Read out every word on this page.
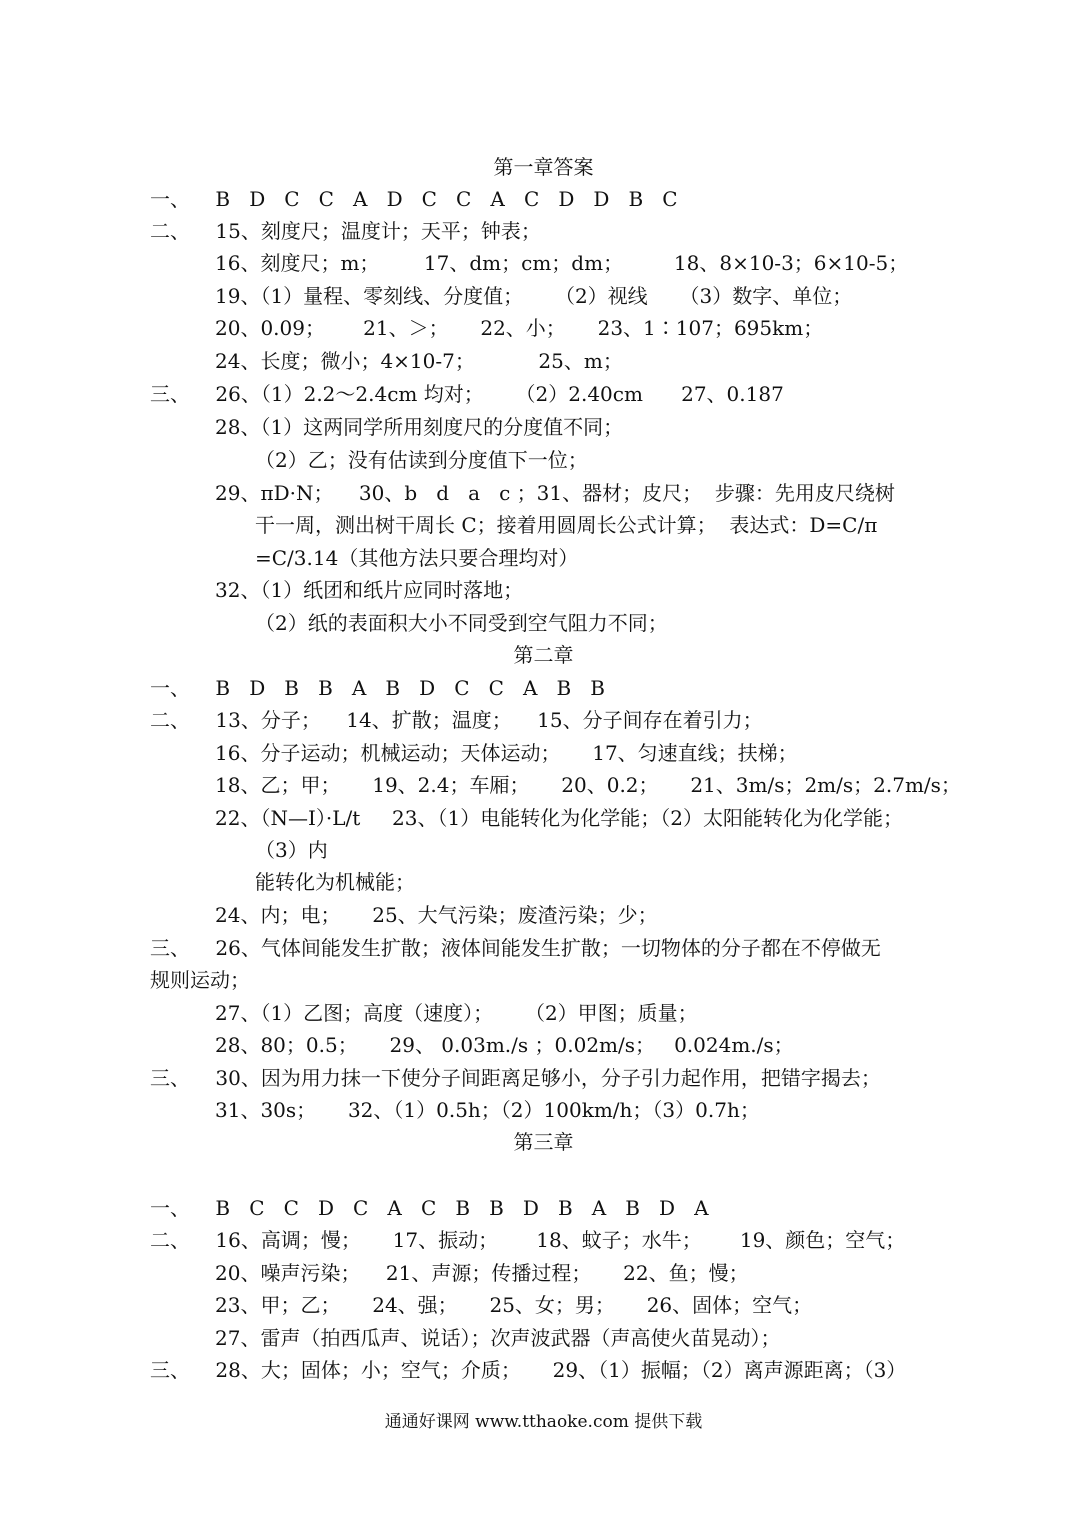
第一章答案
一、    B   D   C   C   A   D   C   C   A   C   D   D   B   C
二、    15、刻度尺；温度计；天平；钟表；
16、刻度尺；m；       17、dm；cm；dm；        18、8×10-3；6×10-5；
19、（1）量程、零刻线、分度值；     （2）视线     （3）数字、单位；
20、0.09；      21、＞；     22、小；     23、1∶107；695km；
24、长度；微小；4×10-7；          25、m；
三、    26、（1）2.2～2.4cm 均对；     （2）2.40cm      27、0.187
28、（1）这两同学所用刻度尺的分度值不同；
（2）乙；没有估读到分度值下一位；
29、πD·N；    30、b   d   a   c ；31、器材；皮尺；  步骤：先用皮尺绕树
干一周，测出树干周长 C；接着用圆周长公式计算；  表达式：D=C/π
=C/3.14（其他方法只要合理均对）
32、（1）纸团和纸片应同时落地；
（2）纸的表面积大小不同受到空气阻力不同；
第二章
一、    B   D   B   B   A   B   D   C   C   A   B   B
二、    13、分子；    14、扩散；温度；    15、分子间存在着引力；
16、分子运动；机械运动；天体运动；     17、匀速直线；扶梯；
18、乙；甲；     19、2.4；车厢；     20、0.2；     21、3m/s；2m/s；2.7m/s；
22、（N—I）·L/t     23、（1）电能转化为化学能；（2）太阳能转化为化学能；
（3）内
能转化为机械能；
24、内；电；     25、大气污染；废渣污染；少；
三、    26、气体间能发生扩散；液体间能发生扩散；一切物体的分子都在不停做无
规则运动；
27、（1）乙图；高度（速度）；     （2）甲图；质量；
28、80；0.5；     29、 0.03m./s ；0.02m/s；   0.024m./s；
三、    30、因为用力抹一下使分子间距离足够小，分子引力起作用，把错字揭去；
31、30s；     32、（1）0.5h；（2）100km/h；（3）0.7h；
第三章
一、    B   C   C   D   C   A   C   B   B   D   B   A   B   D   A
二、    16、高调；慢；     17、振动；      18、蚊子；水牛；      19、颜色；空气；
20、噪声污染；    21、声源；传播过程；     22、鱼；慢；
23、甲；乙；     24、强；     25、女；男；     26、固体；空气；
27、雷声（拍西瓜声、说话）；次声波武器（声高使火苗晃动）；
三、    28、大；固体；小；空气；介质；     29、（1）振幅；（2）离声源距离；（3）
通通好课网 www.tthaoke.com 提供下载
